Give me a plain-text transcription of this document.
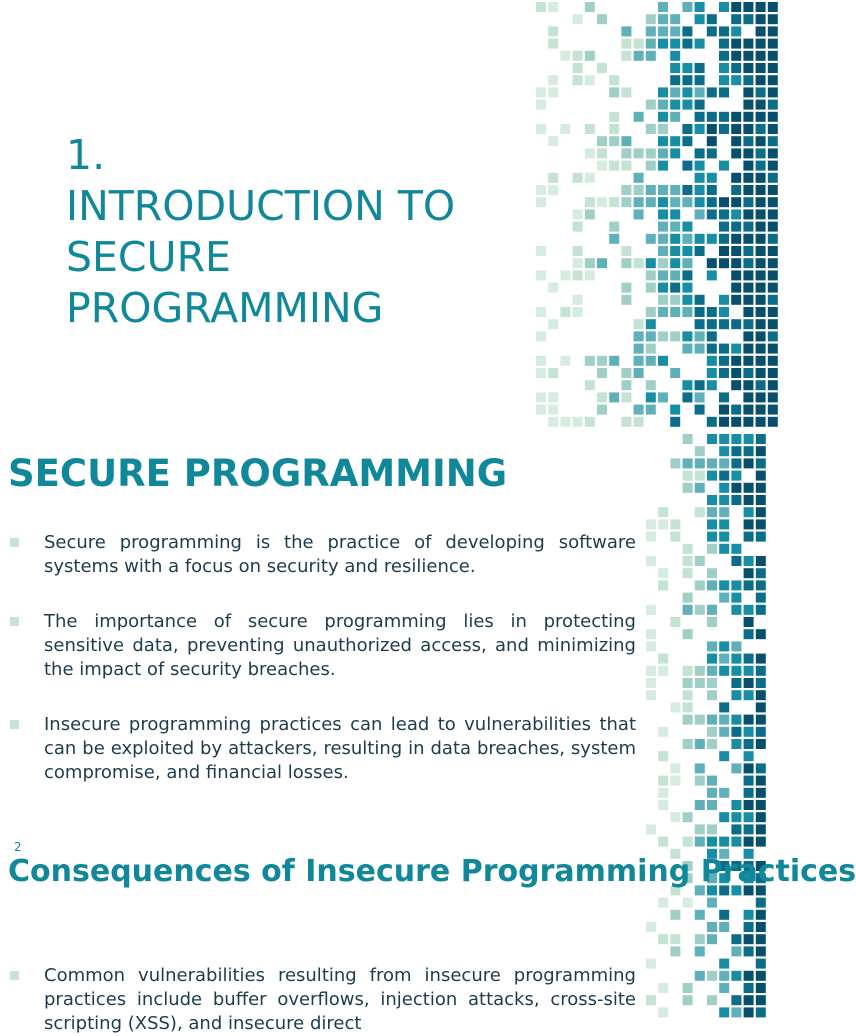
1.
INTRODUCTION TO
SECURE
PROGRAMMING
SECURE PROGRAMMING
Secure programming is the practice of developing software systems with a focus on security and resilience.
The importance of secure programming lies in protecting sensitive data, preventing unauthorized access, and minimizing the impact of security breaches.
Insecure programming practices can lead to vulnerabilities that can be exploited by attackers, resulting in data breaches, system compromise, and financial losses.
2
Consequences of Insecure Programming Practices
Common vulnerabilities resulting from insecure programming practices include buffer overflows, injection attacks, cross-site scripting (XSS), and insecure direct
